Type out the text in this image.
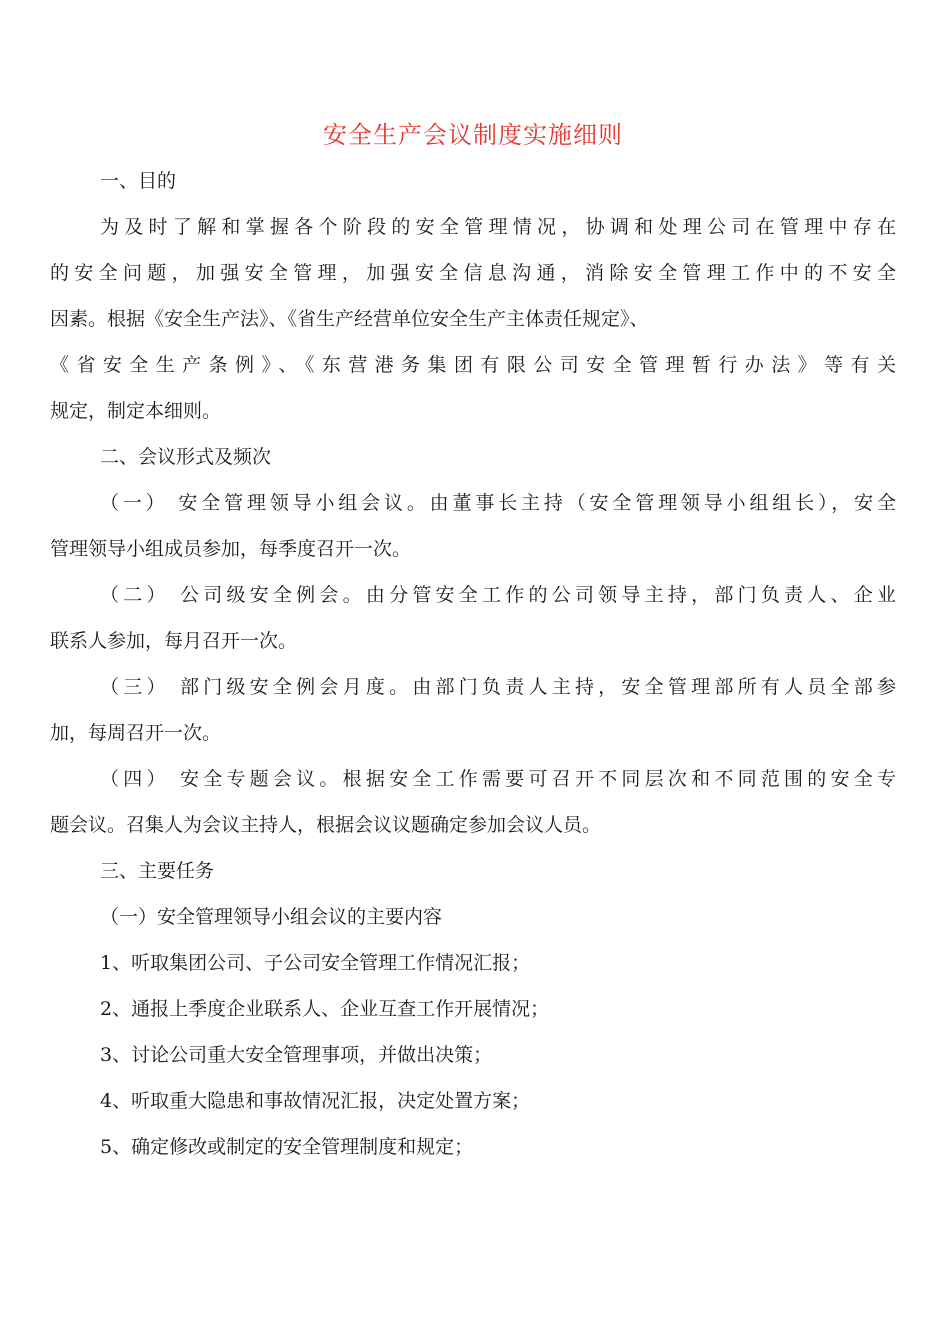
安全生产会议制度实施细则
一、目的
为及时了解和掌握各个阶段的安全管理情况，协调和处理公司在管理中存在
的安全问题，加强安全管理，加强安全信息沟通，消除安全管理工作中的不安全
因素。根据《安全生产法》、《省生产经营单位安全生产主体责任规定》、
《省安全生产条例》、《东营港务集团有限公司安全管理暂行办法》等有关
规定，制定本细则。
二、会议形式及频次
（一） 安全管理领导小组会议。由董事长主持（安全管理领导小组组长），安全
管理领导小组成员参加，每季度召开一次。
（二） 公司级安全例会。由分管安全工作的公司领导主持，部门负责人、企业
联系人参加，每月召开一次。
（三） 部门级安全例会月度。由部门负责人主持，安全管理部所有人员全部参
加，每周召开一次。
（四） 安全专题会议。根据安全工作需要可召开不同层次和不同范围的安全专
题会议。召集人为会议主持人，根据会议议题确定参加会议人员。
三、主要任务
（一）安全管理领导小组会议的主要内容
1、听取集团公司、子公司安全管理工作情况汇报；
2、通报上季度企业联系人、企业互查工作开展情况；
3、讨论公司重大安全管理事项，并做出决策；
4、听取重大隐患和事故情况汇报，决定处置方案；
5、确定修改或制定的安全管理制度和规定；
